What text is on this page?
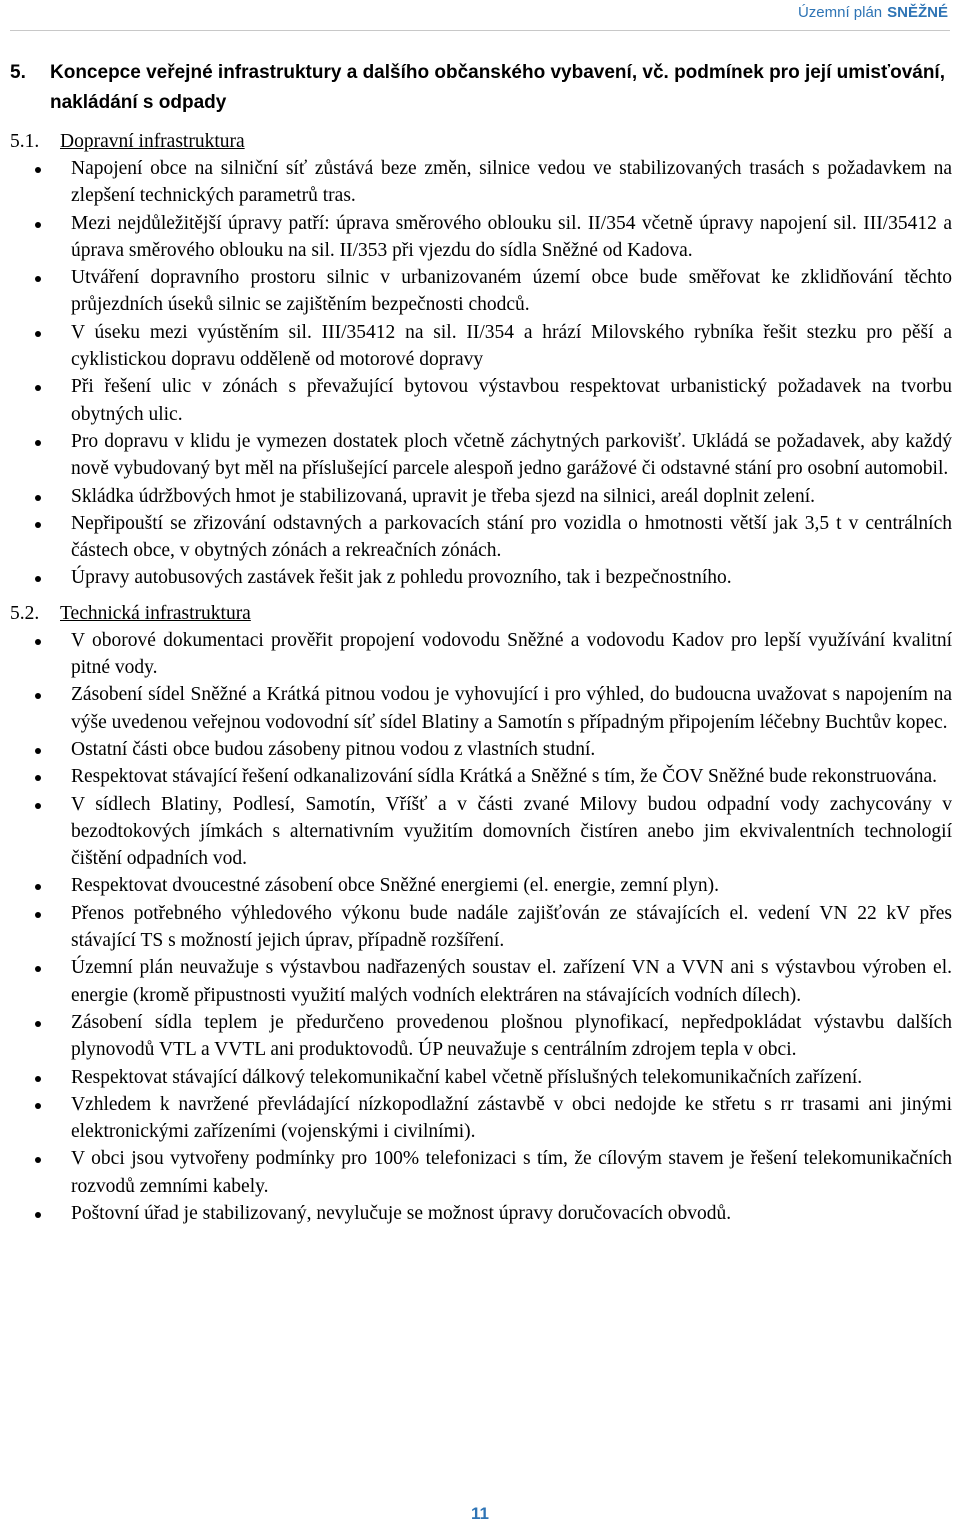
Územní plán SNĚŽNÉ
5. Koncepce veřejné infrastruktury a dalšího občanského vybavení, vč. podmínek pro její umisťování, nakládání s odpady
5.1. Dopravní infrastruktura
Napojení obce na silniční síť zůstává beze změn, silnice vedou ve stabilizovaných trasách s požadavkem na zlepšení technických parametrů tras.
Mezi nejdůležitější úpravy patří: úprava směrového oblouku sil. II/354 včetně úpravy napojení sil. III/35412 a úprava směrového oblouku na sil. II/353 při vjezdu do sídla Sněžné od Kadova.
Utváření dopravního prostoru silnic v urbanizovaném území obce bude směřovat ke zklidňování těchto průjezdních úseků silnic se zajištěním bezpečnosti chodců.
V úseku mezi vyústěním sil. III/35412 na sil. II/354 a hrází Milovského rybníka řešit stezku pro pěší a cyklistickou dopravu odděleně od motorové dopravy
Při řešení ulic v zónách s převažující bytovou výstavbou respektovat urbanistický požadavek na tvorbu obytných ulic.
Pro dopravu v klidu je vymezen dostatek ploch včetně záchytných parkovišť. Ukládá se požadavek, aby každý nově vybudovaný byt měl na příslušející parcele alespoň jedno garážové či odstavné stání pro osobní automobil.
Skládka údržbových hmot je stabilizovaná, upravit je třeba sjezd na silnici, areál doplnit zelení.
Nepřipouští se zřizování odstavných a parkovacích stání pro vozidla o hmotnosti větší jak 3,5 t v centrálních částech obce, v obytných zónách a rekreačních zónách.
Úpravy autobusových zastávek řešit jak z pohledu provozního, tak i bezpečnostního.
5.2. Technická infrastruktura
V oborové dokumentaci prověřit propojení vodovodu Sněžné a vodovodu Kadov pro lepší využívání kvalitní pitné vody.
Zásobení sídel Sněžné a Krátká pitnou vodou je vyhovující i pro výhled, do budoucna uvažovat s napojením na výše uvedenou veřejnou vodovodní síť sídel Blatiny a Samotín s případným připojením léčebny Buchtův kopec.
Ostatní části obce budou zásobeny pitnou vodou z vlastních studní.
Respektovat stávající řešení odkanalizování sídla Krátká a Sněžné s tím, že ČOV Sněžné bude rekonstruována.
V sídlech Blatiny, Podlesí, Samotín, Vříšť a v části zvané Milovy budou odpadní vody zachycovány v bezodtokových jímkách s alternativním využitím domovních čistíren anebo jim ekvivalentních technologií čištění odpadních vod.
Respektovat dvoucestné zásobení obce Sněžné energiemi (el. energie, zemní plyn).
Přenos potřebného výhledového výkonu bude nadále zajišťován ze stávajících el. vedení VN 22 kV přes stávající TS s možností jejich úprav, případně rozšíření.
Územní plán neuvažuje s výstavbou nadřazených soustav el. zařízení VN a VVN ani s výstavbou výroben el. energie (kromě připustnosti využití malých vodních elektráren na stávajících vodních dílech).
Zásobení sídla teplem je předurčeno provedenou plošnou plynofikací, nepředpokládat výstavbu dalších plynovodů VTL a VVTL ani produktovodů. ÚP neuvažuje s centrálním zdrojem tepla v obci.
Respektovat stávající dálkový telekomunikační kabel včetně příslušných telekomunikačních zařízení.
Vzhledem k navržené převládající nízkopodlažní zástavbě v obci nedojde ke střetu s rr trasami ani jinými elektronickými zařízeními (vojenskými i civilními).
V obci jsou vytvořeny podmínky pro 100% telefonizaci s tím, že cílovým stavem je řešení telekomunikačních rozvodů zemními kabely.
Poštovní úřad je stabilizovaný, nevylučuje se možnost úpravy doručovacích obvodů.
11
